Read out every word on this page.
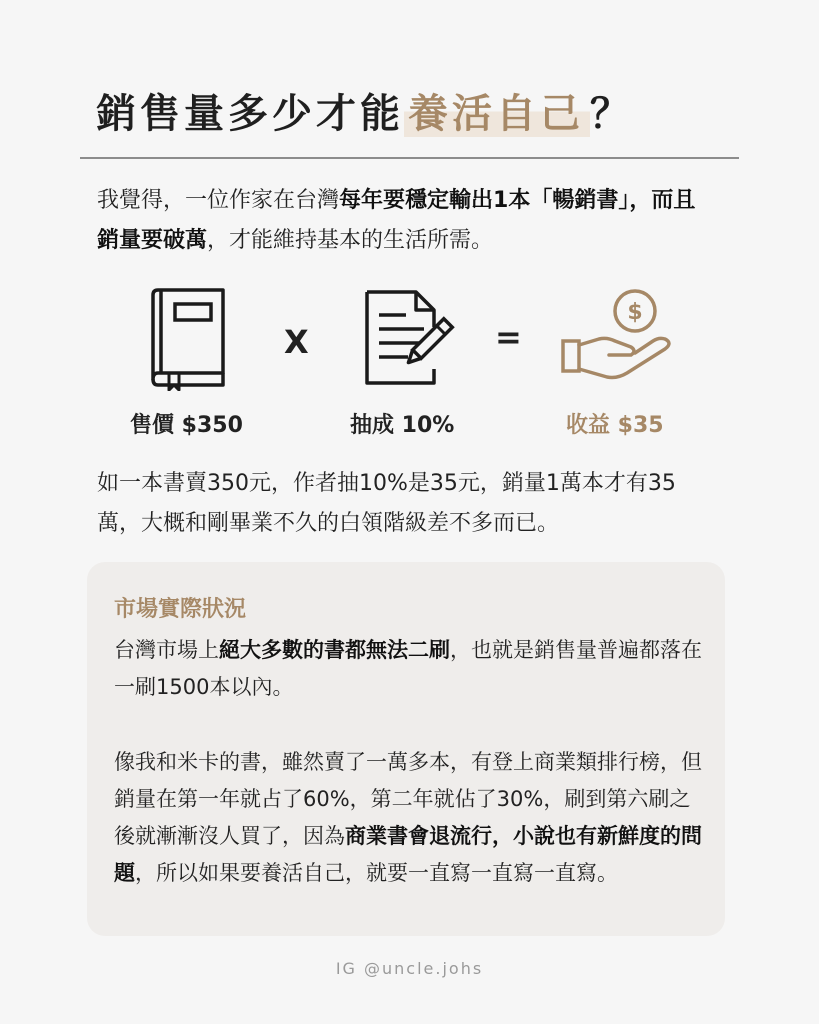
銷售量多少才能 養活自己 ？
我覺得，一位作家在台灣每年要穩定輸出1本「暢銷書」，而且銷量要破萬，才能維持基本的生活所需。
X	=
$
售價 $350	抽成 10%	收益 $35
如一本書賣350元，作者抽10%是35元，銷量1萬本才有35萬，大概和剛畢業不久的白領階級差不多而已。
市場實際狀況
台灣市場上絕大多數的書都無法二刷，也就是銷售量普遍都落在一刷1500本以內。
像我和米卡的書，雖然賣了一萬多本，有登上商業類排行榜，但銷量在第一年就占了60%，第二年就佔了30%，刷到第六刷之後就漸漸沒人買了，因為商業書會退流行，小說也有新鮮度的問題，所以如果要養活自己，就要一直寫一直寫一直寫。
IG @uncle.johs
